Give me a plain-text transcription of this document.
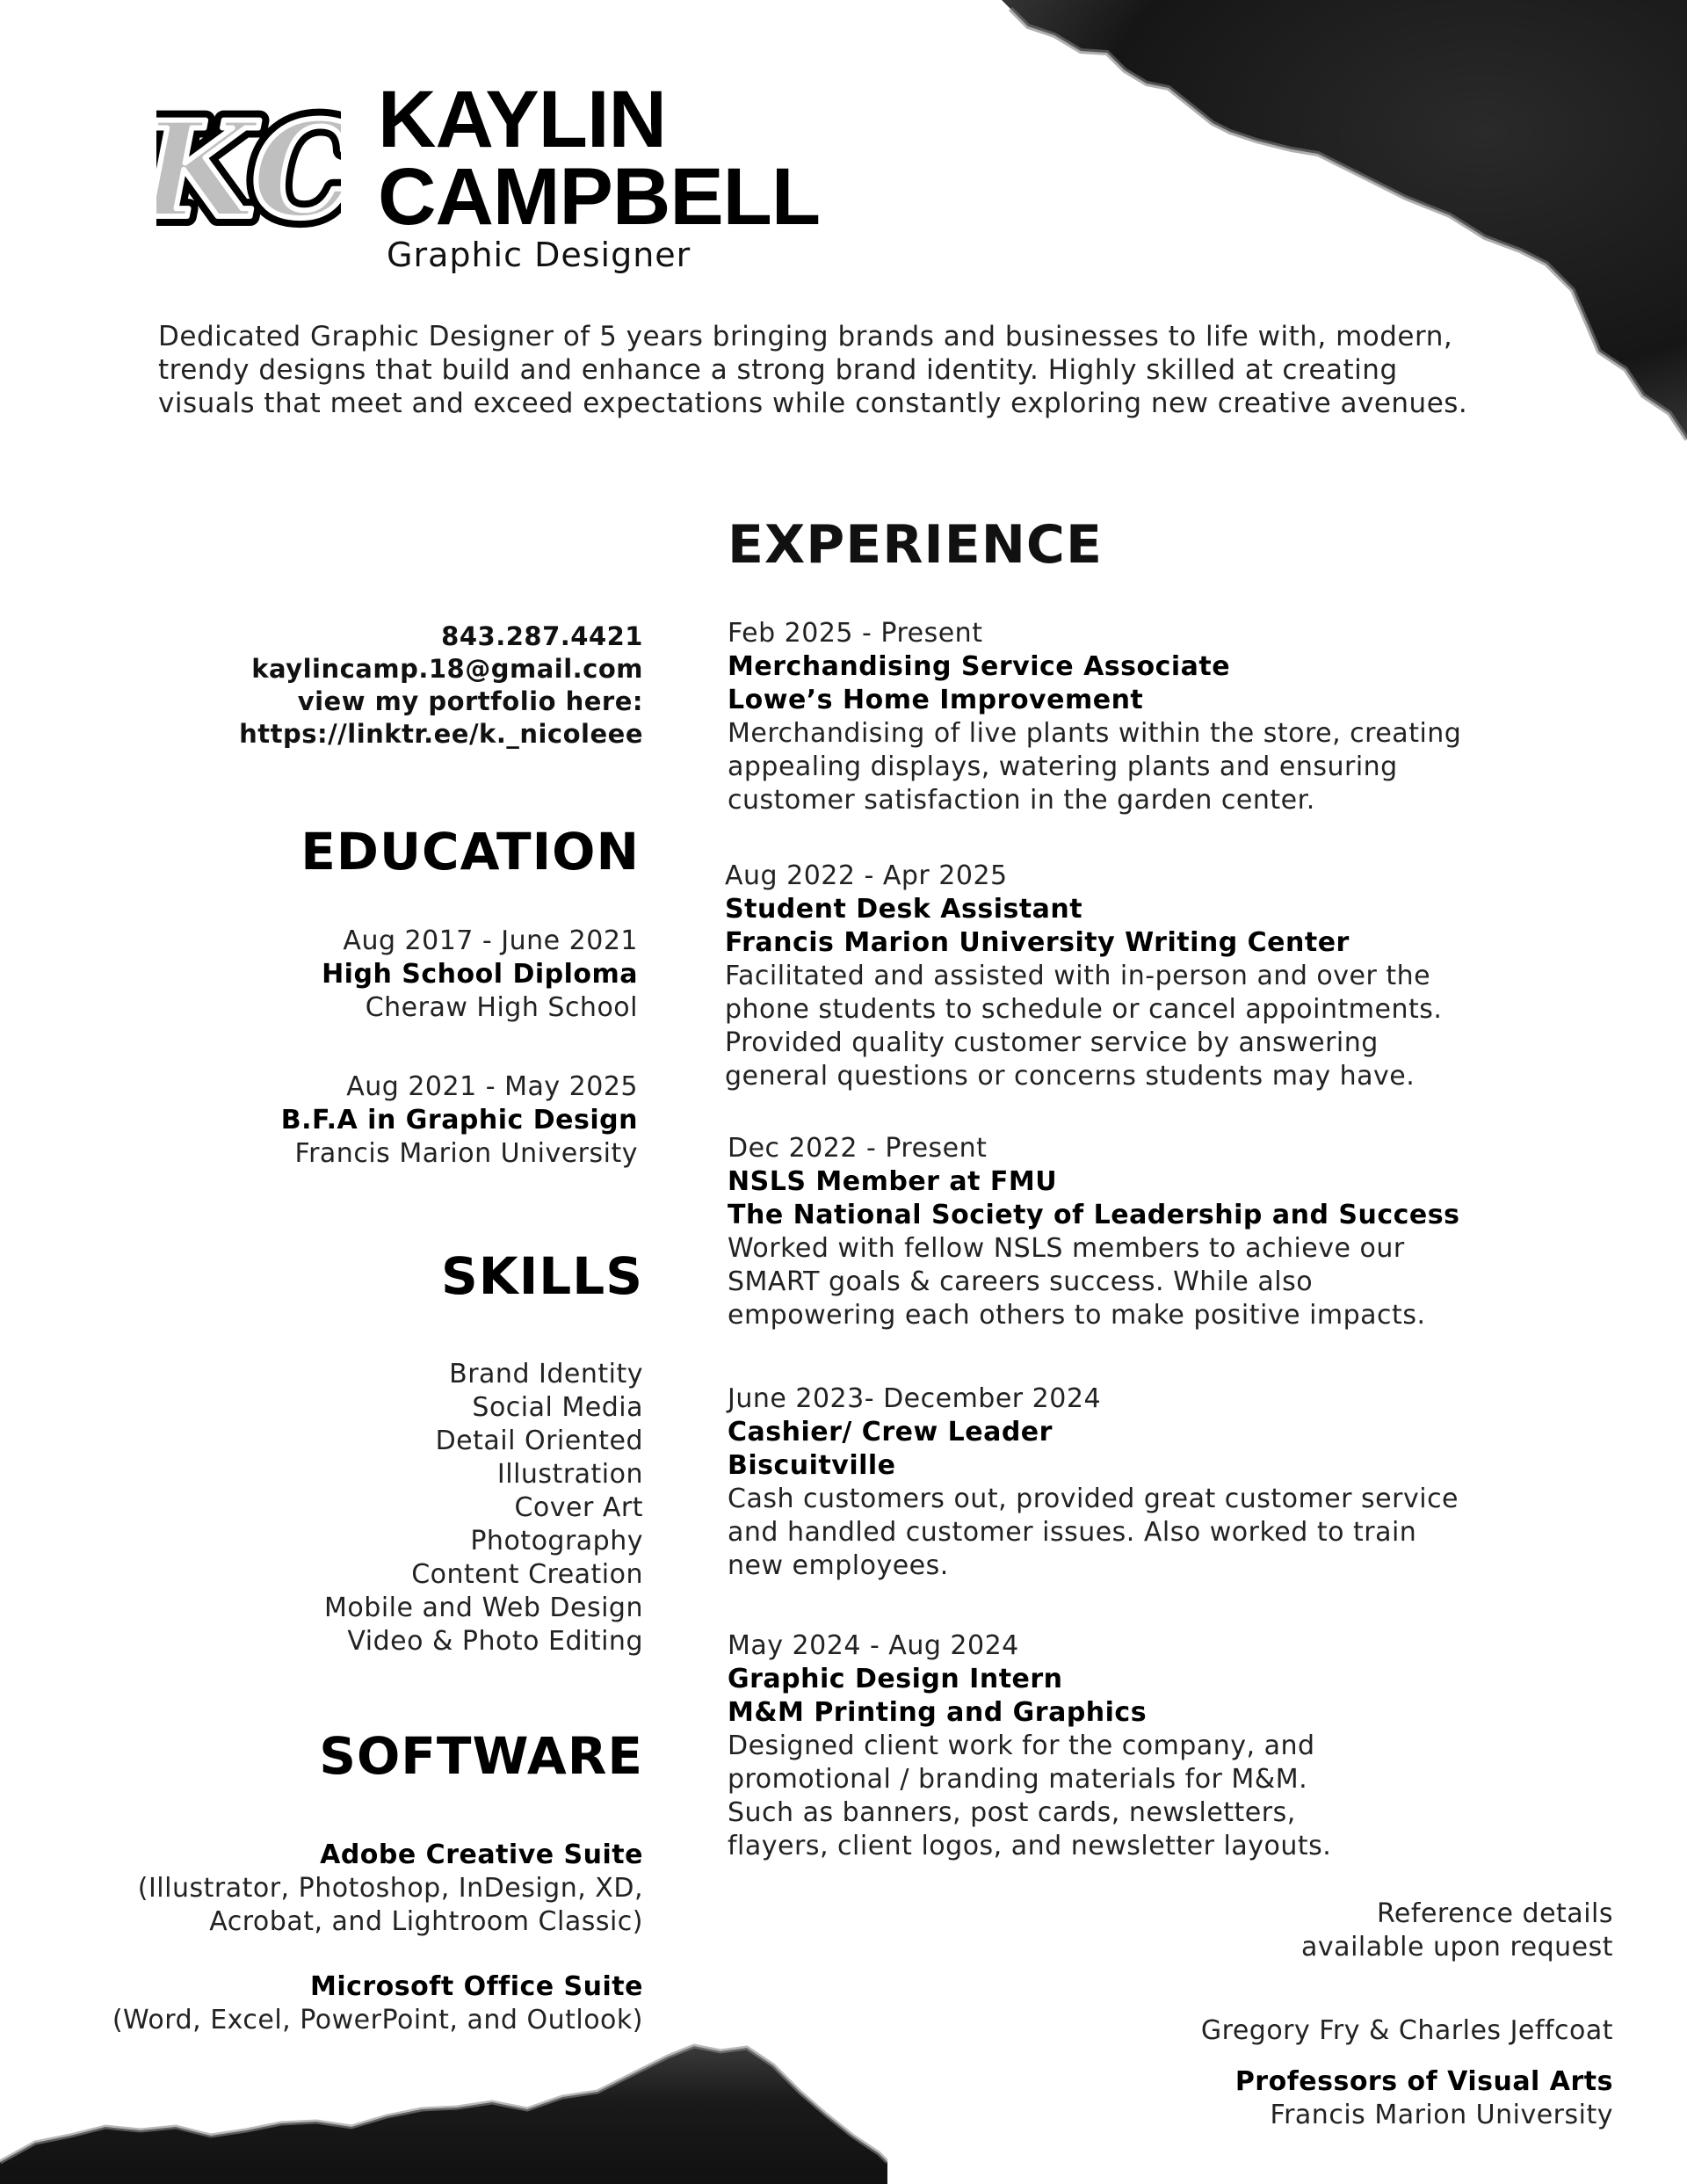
KAYLIN
CAMPBELL
Graphic Designer
Dedicated Graphic Designer of 5 years bringing brands and businesses to life with, modern,
trendy designs that build and enhance a strong brand identity. Highly skilled at creating
visuals that meet and exceed expectations while constantly exploring new creative avenues.
843.287.4421
kaylincamp.18@gmail.com
view my portfolio here:
https://linktr.ee/k._nicoleee
EDUCATION
Aug 2017 - June 2021
High School Diploma
Cheraw High School
Aug 2021 - May 2025
B.F.A in Graphic Design
Francis Marion University
SKILLS
Brand Identity
Social Media
Detail Oriented
Illustration
Cover Art
Photography
Content Creation
Mobile and Web Design
Video & Photo Editing
SOFTWARE
Adobe Creative Suite
(Illustrator, Photoshop, InDesign, XD,
Acrobat, and Lightroom Classic)
Microsoft Office Suite
(Word, Excel, PowerPoint, and Outlook)
EXPERIENCE
Feb 2025 - Present
Merchandising Service Associate
Lowe’s Home Improvement
Merchandising of live plants within the store, creating
appealing displays, watering plants and ensuring
customer satisfaction in the garden center.
Aug 2022 - Apr 2025
Student Desk Assistant
Francis Marion University Writing Center
Facilitated and assisted with in-person and over the
phone students to schedule or cancel appointments.
Provided quality customer service by answering
general questions or concerns students may have.
Dec 2022 - Present
NSLS Member at FMU
The National Society of Leadership and Success
Worked with fellow NSLS members to achieve our
SMART goals & careers success. While also
empowering each others to make positive impacts.
June 2023- December 2024
Cashier/ Crew Leader
Biscuitville
Cash customers out, provided great customer service
and handled customer issues. Also worked to train
new employees.
May 2024 - Aug 2024
Graphic Design Intern
M&M Printing and Graphics
Designed client work for the company, and
promotional / branding materials for M&M.
Such as banners, post cards, newsletters,
flayers, client logos, and newsletter layouts.
Reference details
available upon request
Gregory Fry & Charles Jeffcoat
Professors of Visual Arts
Francis Marion University
